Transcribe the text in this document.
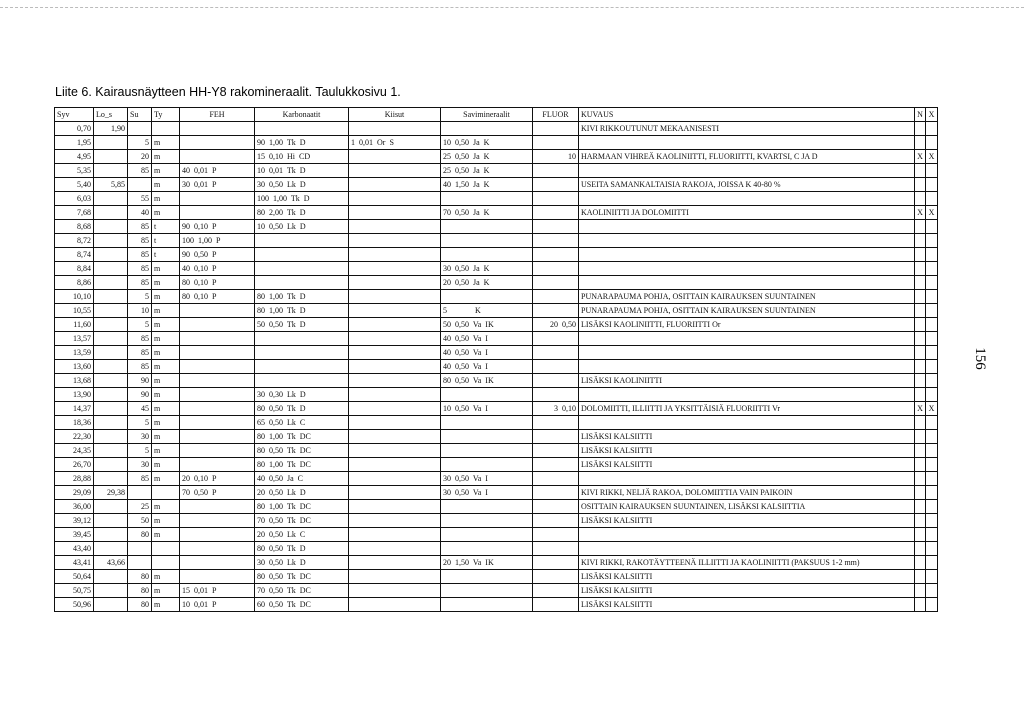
Liite 6. Kairausnäytteen HH-Y8 rakomineraalit. Taulukkosivu 1.
156
Syv	Lo_s	Su	Ty	FEH	Karbonaatit	Kiisut	Savimineraalit	FLUOR	KUVAUS	N	X
0,70	1,90								KIVI RIKKOUTUNUT MEKAANISESTI		
1,95		5	m		90  1,00  Tk  D	1  0,01  Or  S	10  0,50  Ja  K				
4,95		20	m		15  0,10  Hi  CD		25  0,50  Ja  K	10	HARMAAN VIHREÄ KAOLINIITTI, FLUORIITTI, KVARTSI, C JA D	X	X
5,35		85	m	40  0,01  P	10  0,01  Tk  D		25  0,50  Ja  K				
5,40	5,85		m	30  0,01  P	30  0,50  Lk  D		40  1,50  Ja  K		USEITA SAMANKALTAISIA RAKOJA, JOISSA K 40-80 %		
6,03		55	m		100  1,00  Tk  D						
7,68		40	m		80  2,00  Tk  D		70  0,50  Ja  K		KAOLINIITTI JA DOLOMIITTI	X	X
8,68		85	t	90  0,10  P	10  0,50  Lk  D						
8,72		85	t	100  1,00  P							
8,74		85	t	90  0,50  P							
8,84		85	m	40  0,10  P			30  0,50  Ja  K				
8,86		85	m	80  0,10  P			20  0,50  Ja  K				
10,10		5	m	80  0,10  P	80  1,00  Tk  D				PUNARAPAUMA POHJA, OSITTAIN KAIRAUKSEN SUUNTAINEN		
10,55		10	m		80  1,00  Tk  D		5              K		PUNARAPAUMA POHJA, OSITTAIN KAIRAUKSEN SUUNTAINEN		
11,60		5	m		50  0,50  Tk  D		50  0,50  Va  IK	20  0,50	LISÄKSI KAOLINIITTI, FLUORIITTI Or		
13,57		85	m				40  0,50  Va  I				
13,59		85	m				40  0,50  Va  I				
13,60		85	m				40  0,50  Va  I				
13,68		90	m				80  0,50  Va  IK		LISÄKSI KAOLINIITTI		
13,90		90	m		30  0,30  Lk  D						
14,37		45	m		80  0,50  Tk  D		10  0,50  Va  I	3  0,10	DOLOMIITTI, ILLIITTI JA YKSITTÄISIÄ FLUORIITTI Vr	X	X
18,36		5	m		65  0,50  Lk  C						
22,30		30	m		80  1,00  Tk  DC				LISÄKSI KALSIITTI		
24,35		5	m		80  0,50  Tk  DC				LISÄKSI KALSIITTI		
26,70		30	m		80  1,00  Tk  DC				LISÄKSI KALSIITTI		
28,88		85	m	20  0,10  P	40  0,50  Ja  C		30  0,50  Va  I				
29,09	29,38			70  0,50  P	20  0,50  Lk  D		30  0,50  Va  I		KIVI RIKKI, NELJÄ RAKOA, DOLOMIITTIA VAIN PAIKOIN		
36,00		25	m		80  1,00  Tk  DC				OSITTAIN KAIRAUKSEN SUUNTAINEN, LISÄKSI KALSIITTIA		
39,12		50	m		70  0,50  Tk  DC				LISÄKSI KALSIITTI		
39,45		80	m		20  0,50  Lk  C						
43,40					80  0,50  Tk  D						
43,41	43,66				30  0,50  Lk  D		20  1,50  Va  IK		KIVI RIKKI, RAKOTÄYTTEENÄ ILLIITTI JA KAOLINIITTI (PAKSUUS 1-2 mm)		
50,64		80	m		80  0,50  Tk  DC				LISÄKSI KALSIITTI		
50,75		80	m	15  0,01  P	70  0,50  Tk  DC				LISÄKSI KALSIITTI		
50,96		80	m	10  0,01  P	60  0,50  Tk  DC				LISÄKSI KALSIITTI		
